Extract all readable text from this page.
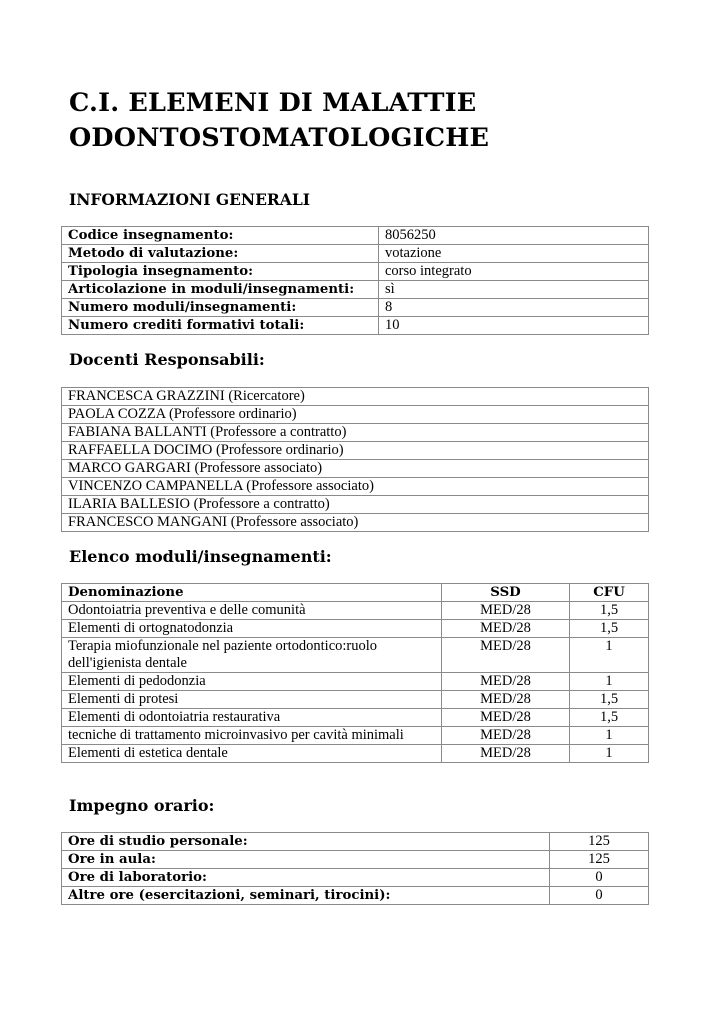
C.I. ELEMENI DI MALATTIE ODONTOSTOMATOLOGICHE
INFORMAZIONI GENERALI
Codice insegnamento:	8056250
Metodo di valutazione:	votazione
Tipologia insegnamento:	corso integrato
Articolazione in moduli/insegnamenti:	sì
Numero moduli/insegnamenti:	8
Numero crediti formativi totali:	10
Docenti Responsabili:
FRANCESCA GRAZZINI (Ricercatore)
PAOLA COZZA (Professore ordinario)
FABIANA BALLANTI (Professore a contratto)
RAFFAELLA DOCIMO (Professore ordinario)
MARCO GARGARI (Professore associato)
VINCENZO CAMPANELLA (Professore associato)
ILARIA BALLESIO (Professore a contratto)
FRANCESCO MANGANI (Professore associato)
Elenco moduli/insegnamenti:
Denominazione	SSD	CFU
Odontoiatria preventiva e delle comunità	MED/28	1,5
Elementi di ortognatodonzia	MED/28	1,5
Terapia miofunzionale nel paziente ortodontico:ruolo dell'igienista dentale	MED/28	1
Elementi di pedodonzia	MED/28	1
Elementi di protesi	MED/28	1,5
Elementi di odontoiatria restaurativa	MED/28	1,5
tecniche di trattamento microinvasivo per cavità minimali	MED/28	1
Elementi di estetica dentale	MED/28	1
Impegno orario:
Ore di studio personale:	125
Ore in aula:	125
Ore di laboratorio:	0
Altre ore (esercitazioni, seminari, tirocini):	0
